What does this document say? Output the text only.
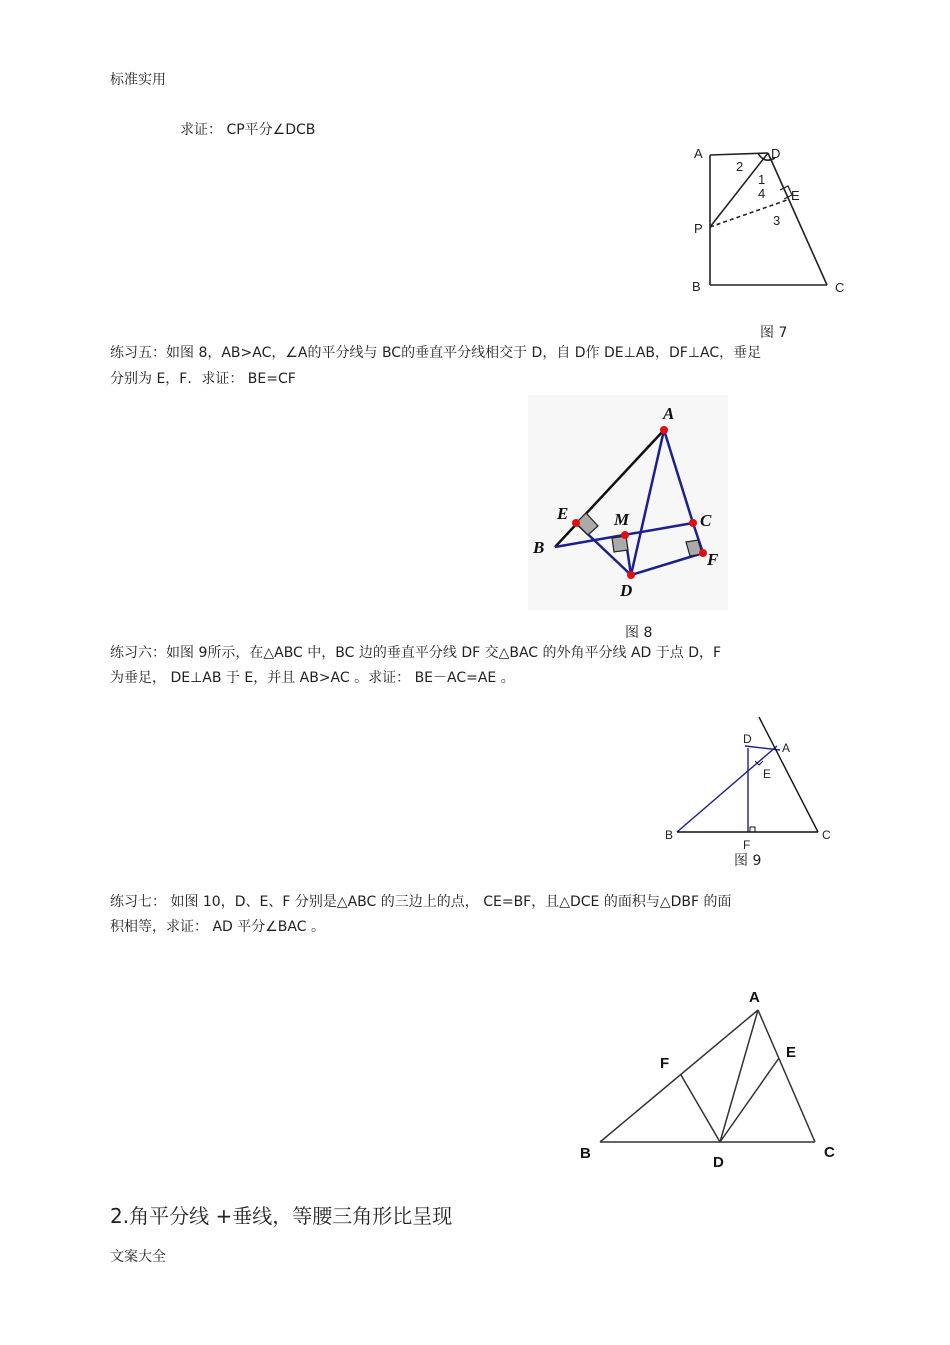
标准实用
求证： CP平分∠DCB
A	D
2
1
4 E
3
P
B	C
图 7
练习五：如图 8，AB>AC，∠A的平分线与 BC的垂直平分线相交于 D，自 D作 DE⊥AB，DF⊥AC，垂足
分别为 E，F．求证： BE=CF
A
E	M	C
B
F
D
图 8
练习六：如图 9所示，在△ABC 中，BC 边的垂直平分线 DF 交△BAC 的外角平分线 AD 于点 D，F
为垂足， DE⊥AB 于 E，并且 AB>AC 。求证： BE－AC=AE 。
D
A
E
B
F
C
图 9
练习七： 如图 10，D、E、F 分别是△ABC 的三边上的点， CE=BF，且△DCE 的面积与△DBF 的面
积相等，求证： AD 平分∠BAC 。
A
F
E
B
D
C
2.角平分线 +垂线，等腰三角形比呈现
文案大全
